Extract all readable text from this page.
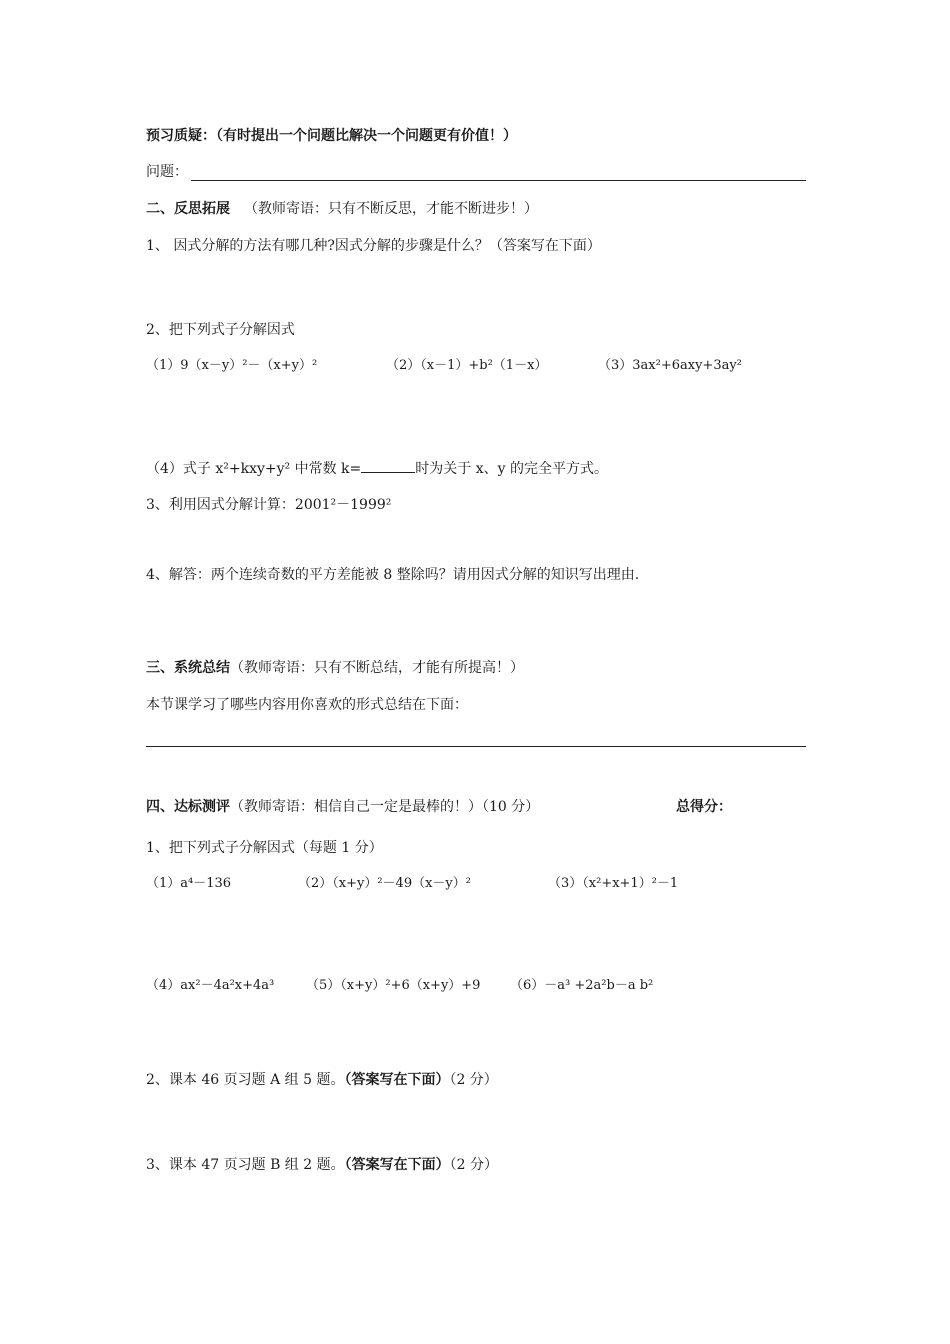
预习质疑：（有时提出一个问题比解决一个问题更有价值！）
问题：
二、反思拓展 （教师寄语：只有不断反思，才能不断进步！）
1、 因式分解的方法有哪几种?因式分解的步骤是什么？（答案写在下面）
2、把下列式子分解因式
（1）9（x－y）²－（x+y）²	（2）（x－1）+b²（1－x）	（3）3ax²+6axy+3ay²
（4）式子 x²+kxy+y² 中常数 k=	时为关于 x、y 的完全平方式。
3、利用因式分解计算：2001²－1999²
4、解答：两个连续奇数的平方差能被 8 整除吗？请用因式分解的知识写出理由.
三、系统总结（教师寄语：只有不断总结，才能有所提高！）
本节课学习了哪些内容用你喜欢的形式总结在下面：
四、达标测评（教师寄语：相信自己一定是最棒的！）（10 分）	总得分：
1、把下列式子分解因式（每题 1 分）
（1）a⁴－136	（2）（x+y）²－49（x－y）²	（3）（x²+x+1）²－1
（4）ax²－4a²x+4a³ （5）（x+y）²+6（x+y）+9 （6）－a³ +2a²b－a b²
2、课本 46 页习题 A 组 5 题。（答案写在下面）（2 分）
3、课本 47 页习题 B 组 2 题。（答案写在下面）（2 分）
